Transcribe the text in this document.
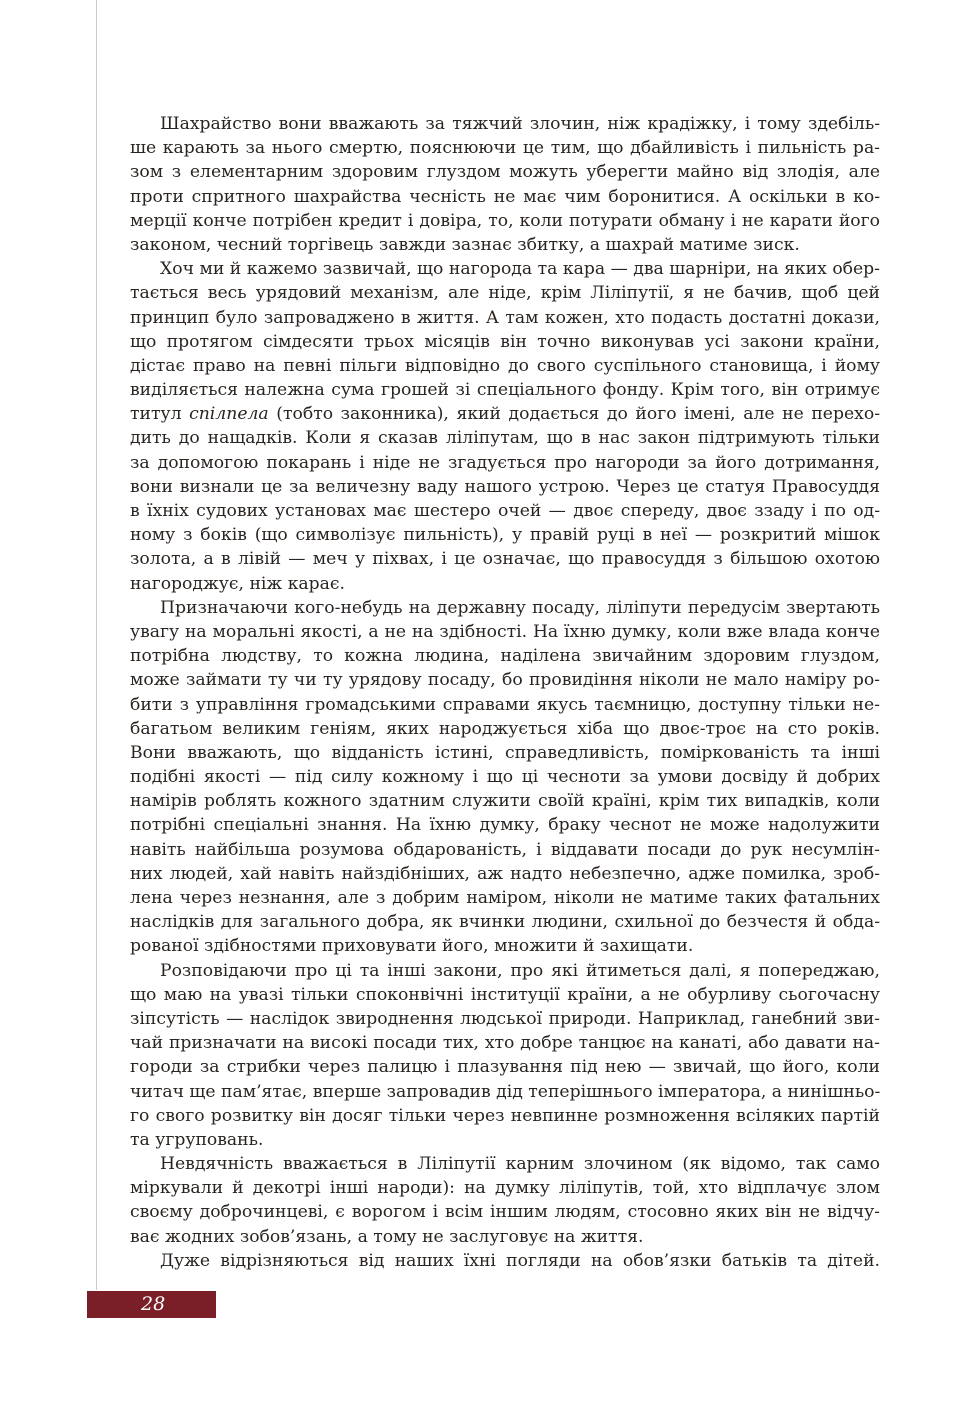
Шахрайство вони вважають за тяжчий злочин, ніж крадіжку, і тому здебіль-
ше карають за нього смертю, пояснюючи це тим, що дбайливість і пильність ра-
зом з елементарним здоровим глуздом можуть уберегти майно від злодія, але
проти спритного шахрайства чесність не має чим боронитися. А оскільки в ко-
мерції конче потрібен кредит і довіра, то, коли потурати обману і не карати його
законом, чесний торгівець завжди зазнає збитку, а шахрай матиме зиск.
Хоч ми й кажемо зазвичай, що нагорода та кара — два шарніри, на яких обер-
тається весь урядовий механізм, але ніде, крім Ліліпутії, я не бачив, щоб цей
принцип було запроваджено в життя. А там кожен, хто подасть достатні докази,
що протягом сімдесяти трьох місяців він точно виконував усі закони країни,
дістає право на певні пільги відповідно до свого суспільного становища, і йому
виділяється належна сума грошей зі спеціального фонду. Крім того, він отримує
титул спілпела (тобто законника), який додається до його імені, але не перехо-
дить до нащадків. Коли я сказав ліліпутам, що в нас закон підтримують тільки
за допомогою покарань і ніде не згадується про нагороди за його дотримання,
вони визнали це за величезну ваду нашого устрою. Через це статуя Правосуддя
в їхніх судових установах має шестеро очей — двоє спереду, двоє ззаду і по од-
ному з боків (що символізує пильність), у правій руці в неї — розкритий мішок
золота, а в лівій — меч у піхвах, і це означає, що правосуддя з більшою охотою
нагороджує, ніж карає.
Призначаючи кого-небудь на державну посаду, ліліпути передусім звертають
увагу на моральні якості, а не на здібності. На їхню думку, коли вже влада конче
потрібна людству, то кожна людина, наділена звичайним здоровим глуздом,
може займати ту чи ту урядову посаду, бо провидіння ніколи не мало наміру ро-
бити з управління громадськими справами якусь таємницю, доступну тільки не-
багатьом великим геніям, яких народжується хіба що двоє-троє на сто років.
Вони вважають, що відданість істині, справедливість, поміркованість та інші
подібні якості — під силу кожному і що ці чесноти за умови досвіду й добрих
намірів роблять кожного здатним служити своїй країні, крім тих випадків, коли
потрібні спеціальні знання. На їхню думку, браку чеснот не може надолужити
навіть найбільша розумова обдарованість, і віддавати посади до рук несумлін-
них людей, хай навіть найздібніших, аж надто небезпечно, адже помилка, зроб-
лена через незнання, але з добрим наміром, ніколи не матиме таких фатальних
наслідків для загального добра, як вчинки людини, схильної до безчестя й обда-
рованої здібностями приховувати його, множити й захищати.
Розповідаючи про ці та інші закони, про які йтиметься далі, я попереджаю,
що маю на увазі тільки споконвічні інституції країни, а не обурливу сьогочасну
зіпсутість — наслідок звироднення людської природи. Наприклад, ганебний зви-
чай призначати на високі посади тих, хто добре танцює на канаті, або давати на-
городи за стрибки через палицю і плазування під нею — звичай, що його, коли
читач ще пам’ятає, вперше запровадив дід теперішнього імператора, а нинішньо-
го свого розвитку він досяг тільки через невпинне розмноження всіляких партій
та угруповань.
Невдячність вважається в Ліліпутії карним злочином (як відомо, так само
міркували й декотрі інші народи): на думку ліліпутів, той, хто відплачує злом
своєму доброчинцеві, є ворогом і всім іншим людям, стосовно яких він не відчу-
ває жодних зобов’язань, а тому не заслуговує на життя.
Дуже відрізняються від наших їхні погляди на обов’язки батьків та дітей.
28
